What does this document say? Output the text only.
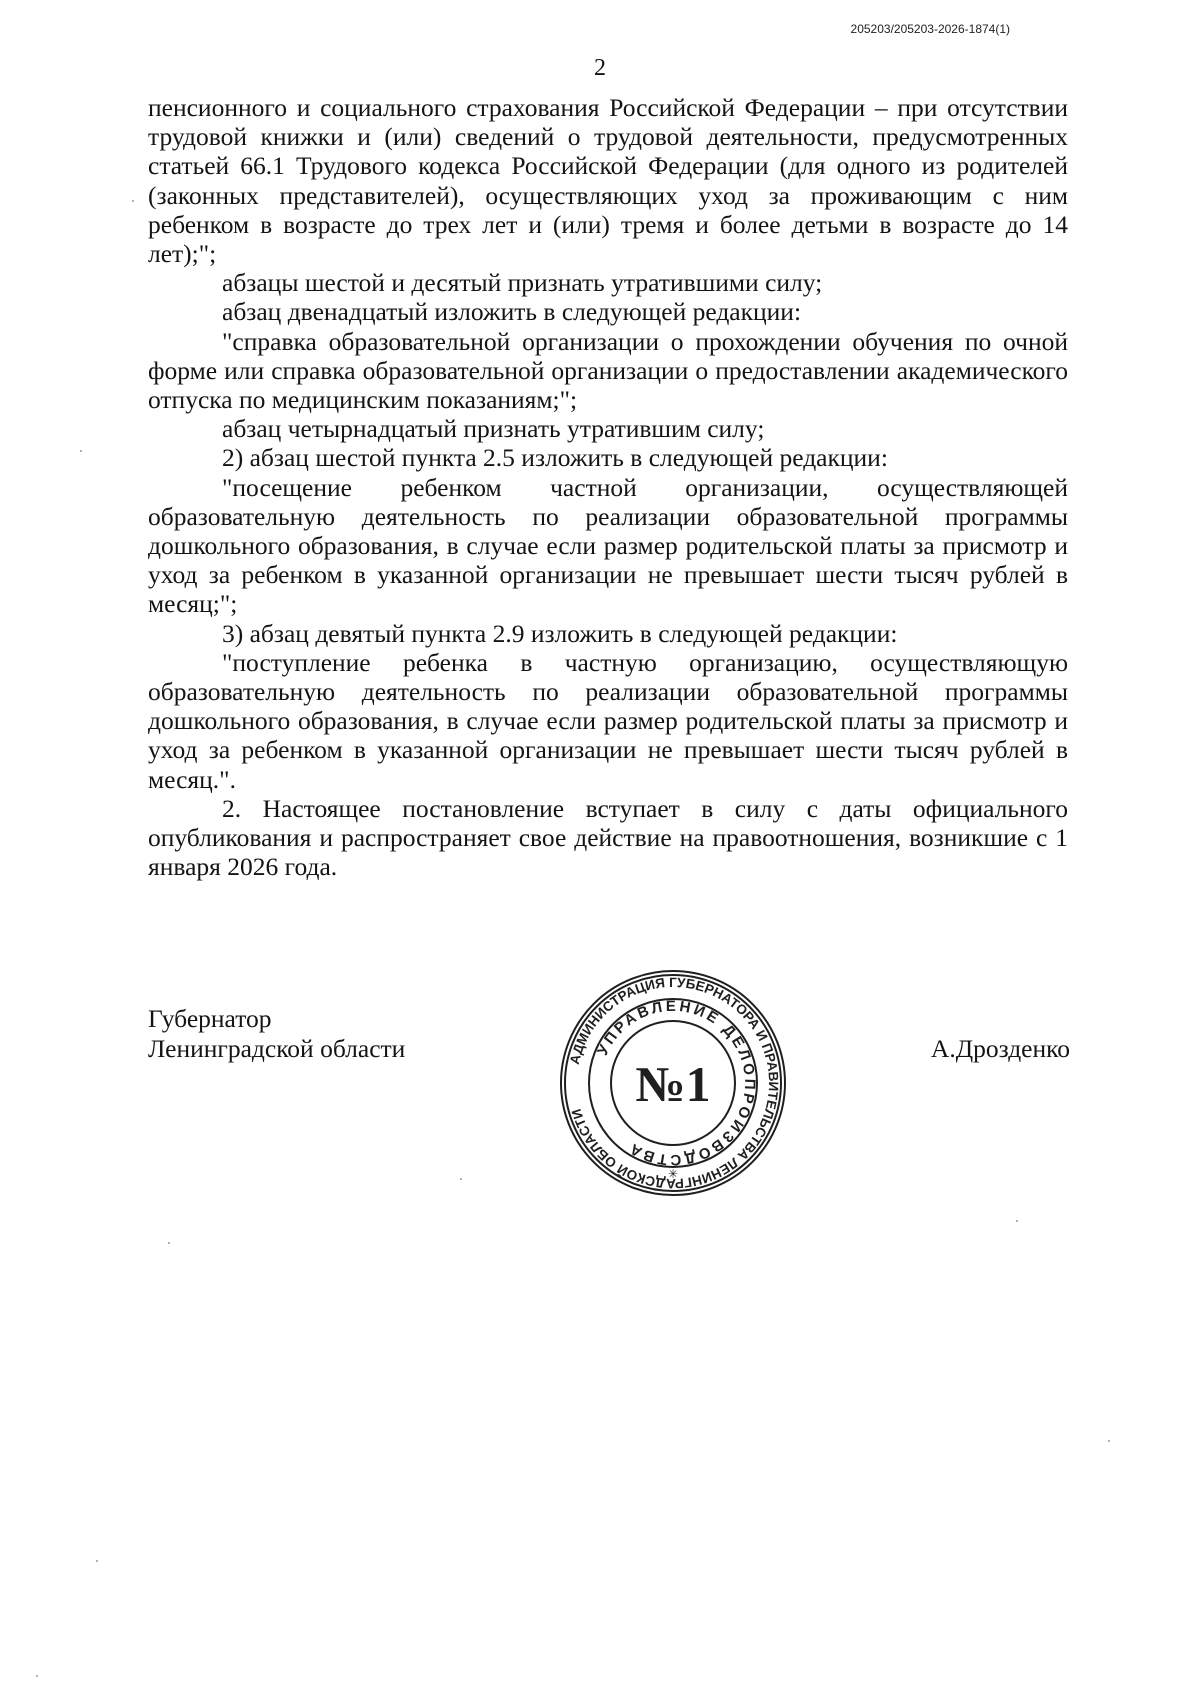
205203/205203-2026-1874(1)
2

пенсионного и социального страхования Российской Федерации – при отсутствии трудовой книжки и (или) сведений о трудовой деятельности, предусмотренных статьей 66.1 Трудового кодекса Российской Федерации (для одного из родителей (законных представителей), осуществляющих уход за проживающим с ним ребенком в возрасте до трех лет и (или) тремя и более детьми в возрасте до 14 лет);";

абзацы шестой и десятый признать утратившими силу;

абзац двенадцатый изложить в следующей редакции:

"справка образовательной организации о прохождении обучения по очной форме или справка образовательной организации о предоставлении академического отпуска по медицинским показаниям;";

абзац четырнадцатый признать утратившим силу;

2) абзац шестой пункта 2.5 изложить в следующей редакции:

"посещение ребенком частной организации, осуществляющей образовательную деятельность по реализации образовательной программы дошкольного образования, в случае если размер родительской платы за присмотр и уход за ребенком в указанной организации не превышает шести тысяч рублей в месяц;";

3) абзац девятый пункта 2.9 изложить в следующей редакции:

"поступление ребенка в частную организацию, осуществляющую образовательную деятельность по реализации образовательной программы дошкольного образования, в случае если размер родительской платы за присмотр и уход за ребенком в указанной организации не превышает шести тысяч рублей в месяц.".

2. Настоящее постановление вступает в силу с даты официального опубликования и распространяет свое действие на правоотношения, возникшие с 1 января 2026 года.

Губернатор
Ленинградской области	АДМИНИСТРАЦИЯ ГУБЕРНАТОРА И ПРАВИТЕЛЬСТВА ЛЕНИНГРАДСКОЙ ОБЛАСТИ
УПРАВЛЕНИЕ ДЕЛОПРОИЗВОДСТВА
№1
✳
А.Дрозденко
